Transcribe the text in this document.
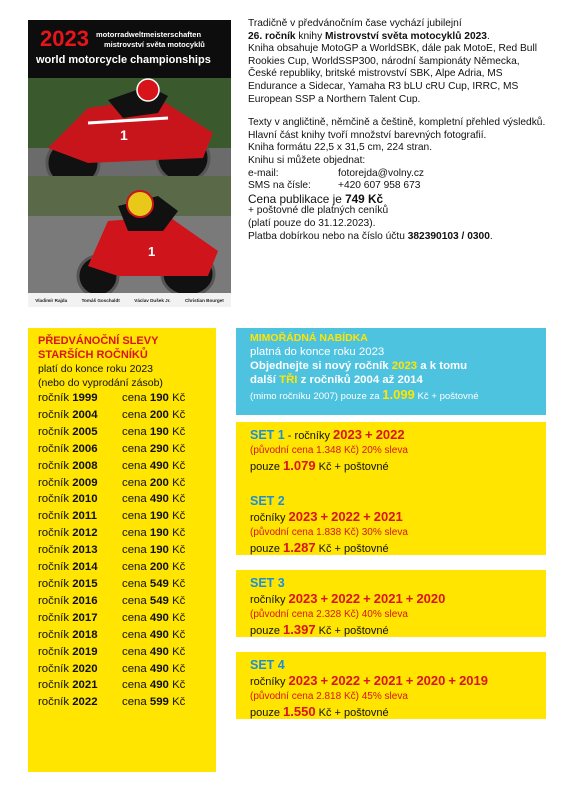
2023 motorradweltmeisterschaften
mistrovství světa motocyklů
world motorcycle championships
1
1
Vladimír Rajda	Tomáš Goschaldt	Václav Dušek Jr.	Christian Bourget

Tradičně v předvánočním čase vychází jubilejní

26. ročník knihy Mistrovství světa motocyklů 2023.

Kniha obsahuje MotoGP a WorldSBK, dále pak MotoE, Red Bull Rookies Cup, WorldSSP300, národní šampionáty Německa, České republiky, britské mistrovství SBK, Alpe Adria, MS Endurance a Sidecar, Yamaha R3 bLU cRU Cup, IRRC, MS European SSP a Northern Talent Cup.

Texty v angličtině, němčině a češtině, kompletní přehled výsledků.

Hlavní část knihy tvoří množství barevných fotografií.

Kniha formátu 22,5 x 31,5 cm, 224 stran.

Knihu si můžete objednat:

e-mail:	fotorejda@volny.cz
SMS na čísle:	+420 607 958 673

Cena publikace je 749 Kč

+ poštovné dle platných ceníků

(platí pouze do 31.12.2023).

Platba dobírkou nebo na číslo účtu 382390103 / 0300.

PŘEDVÁNOČNÍ SLEVY
STARŠÍCH ROČNÍKŮ
platí do konce roku 2023
(nebo do vyprodání zásob)
ročník 1999	cena 190 Kč
ročník 2004	cena 200 Kč
ročník 2005	cena 190 Kč
ročník 2006	cena 290 Kč
ročník 2008	cena 490 Kč
ročník 2009	cena 200 Kč
ročník 2010	cena 490 Kč
ročník 2011	cena 190 Kč
ročník 2012	cena 190 Kč
ročník 2013	cena 190 Kč
ročník 2014	cena 200 Kč
ročník 2015	cena 549 Kč
ročník 2016	cena 549 Kč
ročník 2017	cena 490 Kč
ročník 2018	cena 490 Kč
ročník 2019	cena 490 Kč
ročník 2020	cena 490 Kč
ročník 2021	cena 490 Kč
ročník 2022	cena 599 Kč
MIMOŘÁDNÁ NABÍDKA
platná do konce roku 2023
Objednejte si nový ročník 2023 a k tomu
další TŘI z ročníků 2004 až 2014
(mimo ročníku 2007) pouze za 1.099 Kč + poštovné
SET 1 - ročníky 2023 + 2022
(původní cena 1.348 Kč) 20% sleva
pouze 1.079 Kč + poštovné
SET 2
ročníky 2023 + 2022 + 2021
(původní cena 1.838 Kč) 30% sleva
pouze 1.287 Kč + poštovné
SET 3
ročníky 2023 + 2022 + 2021 + 2020
(původní cena 2.328 Kč) 40% sleva
pouze 1.397 Kč + poštovné
SET 4
ročníky 2023 + 2022 + 2021 + 2020 + 2019
(původní cena 2.818 Kč) 45% sleva
pouze 1.550 Kč + poštovné
